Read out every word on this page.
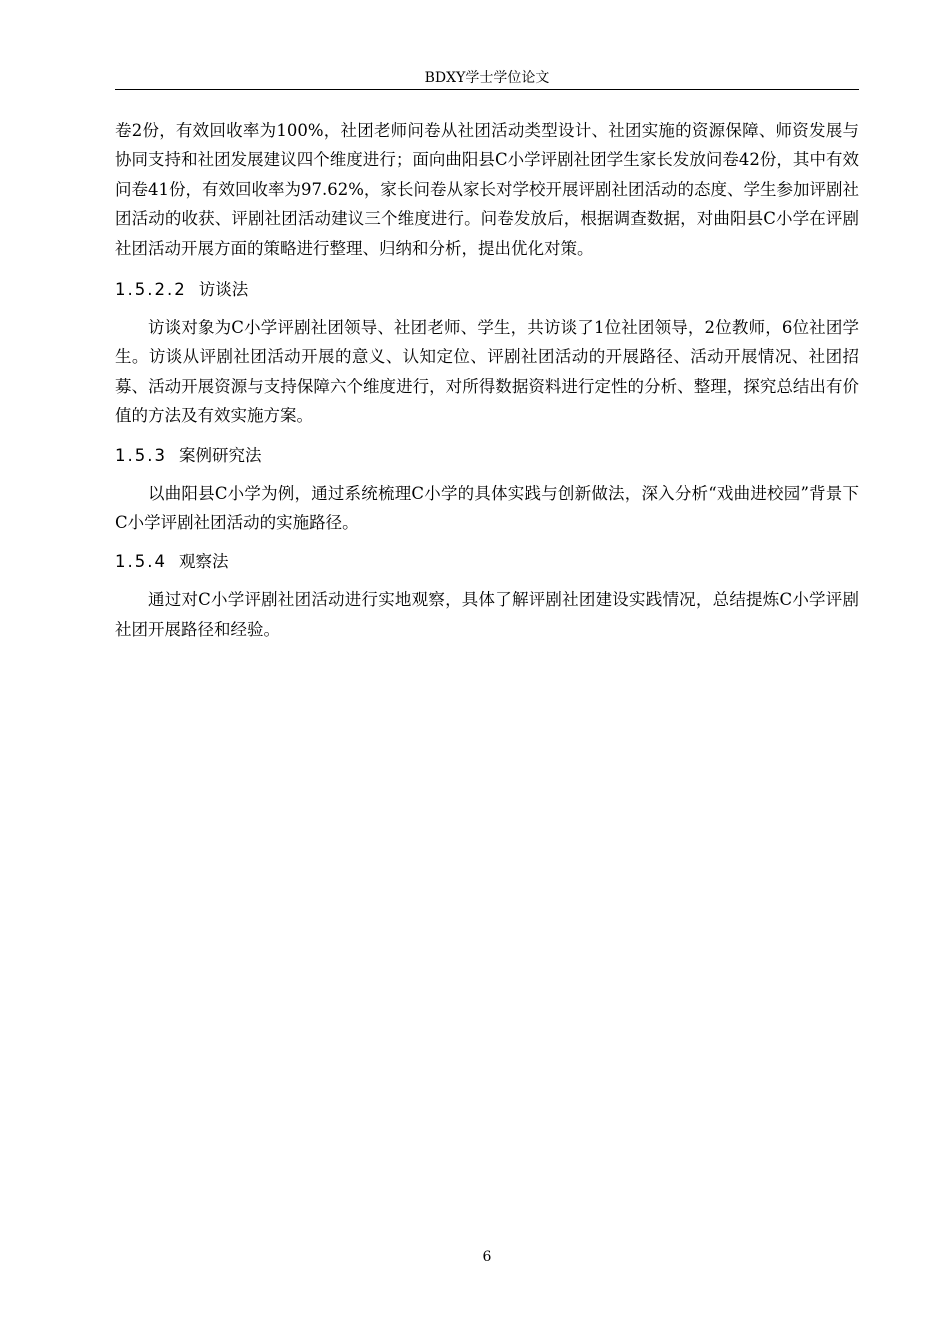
BDXY学士学位论文

卷2份，有效回收率为100%，社团老师问卷从社团活动类型设计、社团实施的资源保障、师资发展与协同支持和社团发展建议四个维度进行；面向曲阳县C小学评剧社团学生家长发放问卷42份，其中有效问卷41份，有效回收率为97.62%，家长问卷从家长对学校开展评剧社团活动的态度、学生参加评剧社团活动的收获、评剧社团活动建议三个维度进行。问卷发放后，根据调查数据，对曲阳县C小学在评剧社团活动开展方面的策略进行整理、归纳和分析，提出优化对策。

1.5.2.2 访谈法

访谈对象为C小学评剧社团领导、社团老师、学生，共访谈了1位社团领导，2位教师，6位社团学生。访谈从评剧社团活动开展的意义、认知定位、评剧社团活动的开展路径、活动开展情况、社团招募、活动开展资源与支持保障六个维度进行，对所得数据资料进行定性的分析、整理，探究总结出有价值的方法及有效实施方案。

1.5.3 案例研究法

以曲阳县C小学为例，通过系统梳理C小学的具体实践与创新做法，深入分析“戏曲进校园”背景下C小学评剧社团活动的实施路径。

1.5.4 观察法

通过对C小学评剧社团活动进行实地观察，具体了解评剧社团建设实践情况，总结提炼C小学评剧社团开展路径和经验。

6
